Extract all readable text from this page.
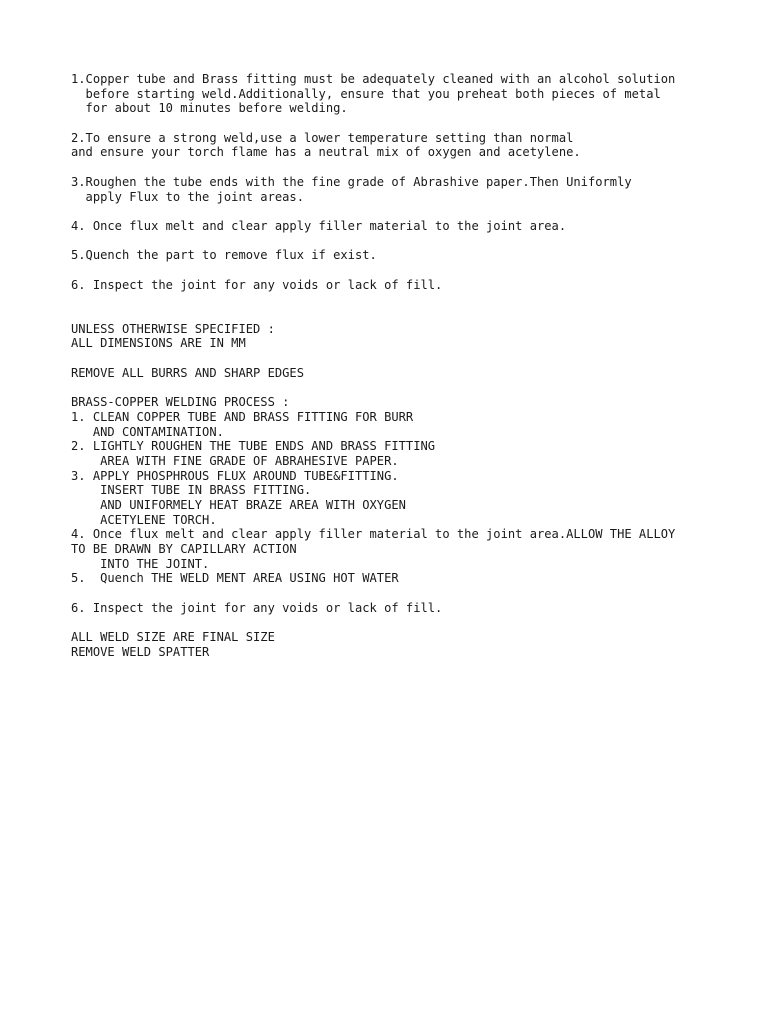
1.Copper tube and Brass fitting must be adequately cleaned with an alcohol solution
before starting weld.Additionally, ensure that you preheat both pieces of metal
for about 10 minutes before welding.
2.To ensure a strong weld,use a lower temperature setting than normal
and ensure your torch flame has a neutral mix of oxygen and acetylene.
3.Roughen the tube ends with the fine grade of Abrashive paper.Then Uniformly
apply Flux to the joint areas.
4. Once flux melt and clear apply filler material to the joint area.
5.Quench the part to remove flux if exist.
6. Inspect the joint for any voids or lack of fill.
UNLESS OTHERWISE SPECIFIED :
ALL DIMENSIONS ARE IN MM
REMOVE ALL BURRS AND SHARP EDGES
BRASS-COPPER WELDING PROCESS :
1. CLEAN COPPER TUBE AND BRASS FITTING FOR BURR
AND CONTAMINATION.
2. LIGHTLY ROUGHEN THE TUBE ENDS AND BRASS FITTING
AREA WITH FINE GRADE OF ABRAHESIVE PAPER.
3. APPLY PHOSPHROUS FLUX AROUND TUBE&FITTING.
INSERT TUBE IN BRASS FITTING.
AND UNIFORMELY HEAT BRAZE AREA WITH OXYGEN
ACETYLENE TORCH.
4. Once flux melt and clear apply filler material to the joint area.ALLOW THE ALLOY
TO BE DRAWN BY CAPILLARY ACTION
INTO THE JOINT.
5.  Quench THE WELD MENT AREA USING HOT WATER
6. Inspect the joint for any voids or lack of fill.
ALL WELD SIZE ARE FINAL SIZE
REMOVE WELD SPATTER
